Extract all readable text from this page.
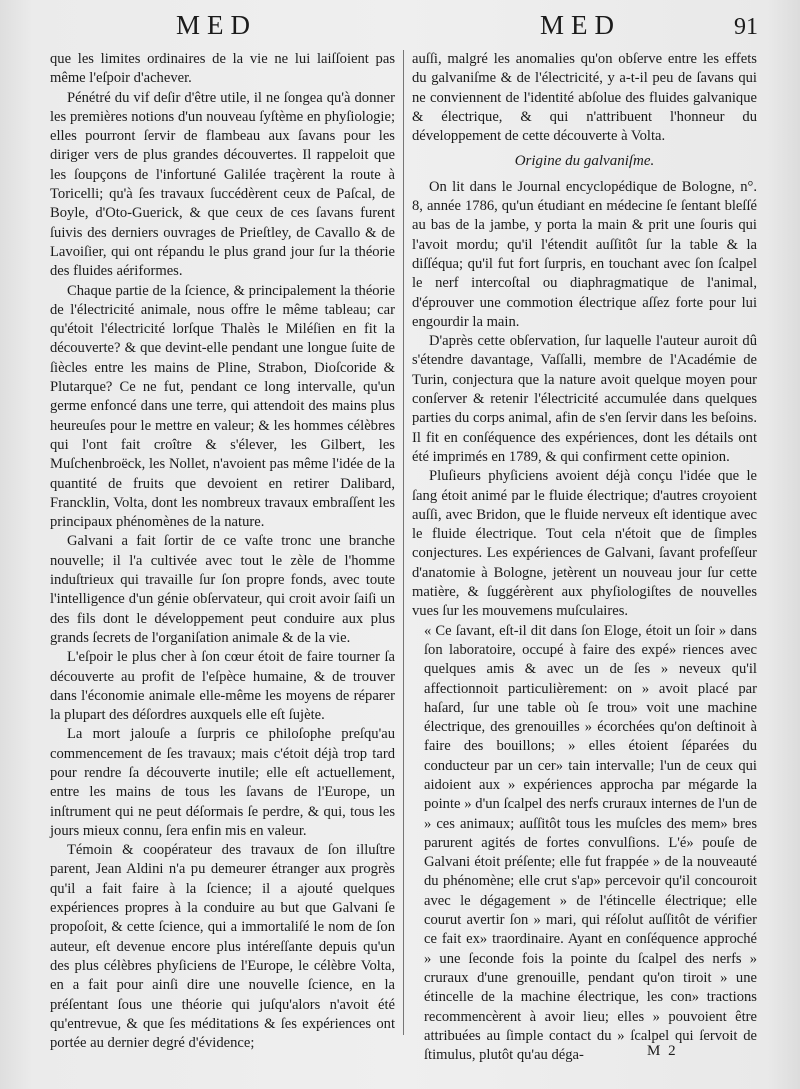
MED	MED	91

que les limites ordinaires de la vie ne lui laiſſoient pas même l'eſpoir d'achever.

Pénétré du vif deſir d'être utile, il ne ſongea qu'à donner les premières notions d'un nouveau ſyſtème en phyſiologie; elles pourront ſervir de flambeau aux ſavans pour les diriger vers de plus grandes découvertes. Il rappeloit que les ſoupçons de l'infortuné Galilée traçèrent la route à Toricelli; qu'à ſes travaux ſuccédèrent ceux de Paſcal, de Boyle, d'Oto-Guerick, & que ceux de ces ſavans furent ſuivis des derniers ouvrages de Prieſtley, de Cavallo & de Lavoiſier, qui ont répandu le plus grand jour ſur la théorie des fluides aériformes.

Chaque partie de la ſcience, & principalement la théorie de l'électricité animale, nous offre le même tableau; car qu'étoit l'électricité lorſque Thalès le Miléſien en fit la découverte? & que devint-elle pendant une longue ſuite de ſiècles entre les mains de Pline, Strabon, Dioſcoride & Plutarque? Ce ne fut, pendant ce long intervalle, qu'un germe enfoncé dans une terre, qui attendoit des mains plus heureuſes pour le mettre en valeur; & les hommes célèbres qui l'ont fait croître & s'élever, les Gilbert, les Muſchenbroëck, les Nollet, n'avoient pas même l'idée de la quantité de fruits que devoient en retirer Dalibard, Francklin, Volta, dont les nombreux travaux embraſſent les principaux phénomènes de la nature.

Galvani a fait ſortir de ce vaſte tronc une branche nouvelle; il l'a cultivée avec tout le zèle de l'homme induſtrieux qui travaille ſur ſon propre fonds, avec toute l'intelligence d'un génie obſervateur, qui croit avoir ſaiſi un des fils dont le développement peut conduire aux plus grands ſecrets de l'organiſation animale & de la vie.

L'eſpoir le plus cher à ſon cœur étoit de faire tourner ſa découverte au profit de l'eſpèce humaine, & de trouver dans l'économie animale elle-même les moyens de réparer la plupart des déſordres auxquels elle eſt ſujète.

La mort jalouſe a ſurpris ce philoſophe preſqu'au commencement de ſes travaux; mais c'étoit déjà trop tard pour rendre ſa découverte inutile; elle eſt actuellement, entre les mains de tous les ſavans de l'Europe, un inſtrument qui ne peut déſormais ſe perdre, & qui, tous les jours mieux connu, ſera enfin mis en valeur.

Témoin & coopérateur des travaux de ſon illuſtre parent, Jean Aldini n'a pu demeurer étranger aux progrès qu'il a fait faire à la ſcience; il a ajouté quelques expériences propres à la conduire au but que Galvani ſe propoſoit, & cette ſcience, qui a immortaliſé le nom de ſon auteur, eſt devenue encore plus intéreſſante depuis qu'un des plus célèbres phyſiciens de l'Europe, le célèbre Volta, en a fait pour ainſi dire une nouvelle ſcience, en la préſentant ſous une théorie qui juſqu'alors n'avoit été qu'entrevue, & que ſes méditations & ſes expériences ont portée au dernier degré d'évidence;

auſſi, malgré les anomalies qu'on obſerve entre les effets du galvaniſme & de l'électricité, y a-t-il peu de ſavans qui ne conviennent de l'identité abſolue des fluides galvanique & électrique, & qui n'attribuent l'honneur du développement de cette découverte à Volta.

Origine du galvaniſme.

On lit dans le Journal encyclopédique de Bologne, n°. 8, année 1786, qu'un étudiant en médecine ſe ſentant bleſſé au bas de la jambe, y porta la main & prit une ſouris qui l'avoit mordu; qu'il l'étendit auſſitôt ſur la table & la diſſéqua; qu'il fut fort ſurpris, en touchant avec ſon ſcalpel le nerf intercoſtal ou diaphragmatique de l'animal, d'éprouver une commotion électrique aſſez forte pour lui engourdir la main.

D'après cette obſervation, ſur laquelle l'auteur auroit dû s'étendre davantage, Vaſſalli, membre de l'Académie de Turin, conjectura que la nature avoit quelque moyen pour conſerver & retenir l'électricité accumulée dans quelques parties du corps animal, afin de s'en ſervir dans les beſoins. Il fit en conſéquence des expériences, dont les détails ont été imprimés en 1789, & qui confirment cette opinion.

Pluſieurs phyſiciens avoient déjà conçu l'idée que le ſang étoit animé par le fluide électrique; d'autres croyoient auſſi, avec Bridon, que le fluide nerveux eſt identique avec le fluide électrique. Tout cela n'étoit que de ſimples conjectures. Les expériences de Galvani, ſavant profeſſeur d'anatomie à Bologne, jetèrent un nouveau jour ſur cette matière, & ſuggérèrent aux phyſiologiſtes de nouvelles vues ſur les mouvemens muſculaires.

« Ce ſavant, eſt-il dit dans ſon Eloge, étoit un ſoir » dans ſon laboratoire, occupé à faire des expé» riences avec quelques amis & avec un de ſes » neveux qu'il affectionnoit particulièrement: on » avoit placé par haſard, ſur une table où ſe trou» voit une machine électrique, des grenouilles » écorchées qu'on deſtinoit à faire des bouillons; » elles étoient ſéparées du conducteur par un cer» tain intervalle; l'un de ceux qui aidoient aux » expériences approcha par mégarde la pointe » d'un ſcalpel des nerfs cruraux internes de l'un de » ces animaux; auſſitôt tous les muſcles des mem» bres parurent agités de fortes convulſions. L'é» pouſe de Galvani étoit préſente; elle fut frappée » de la nouveauté du phénomène; elle crut s'ap» percevoir qu'il concouroit avec le dégagement » de l'étincelle électrique; elle courut avertir ſon » mari, qui réſolut auſſitôt de vérifier ce fait ex» traordinaire. Ayant en conſéquence approché » une ſeconde fois la pointe du ſcalpel des nerfs » cruraux d'une grenouille, pendant qu'on tiroit » une étincelle de la machine électrique, les con» tractions recommencèrent à avoir lieu; elles » pouvoient être attribuées au ſimple contact du » ſcalpel qui ſervoit de ſtimulus, plutôt qu'au déga-	M 2
